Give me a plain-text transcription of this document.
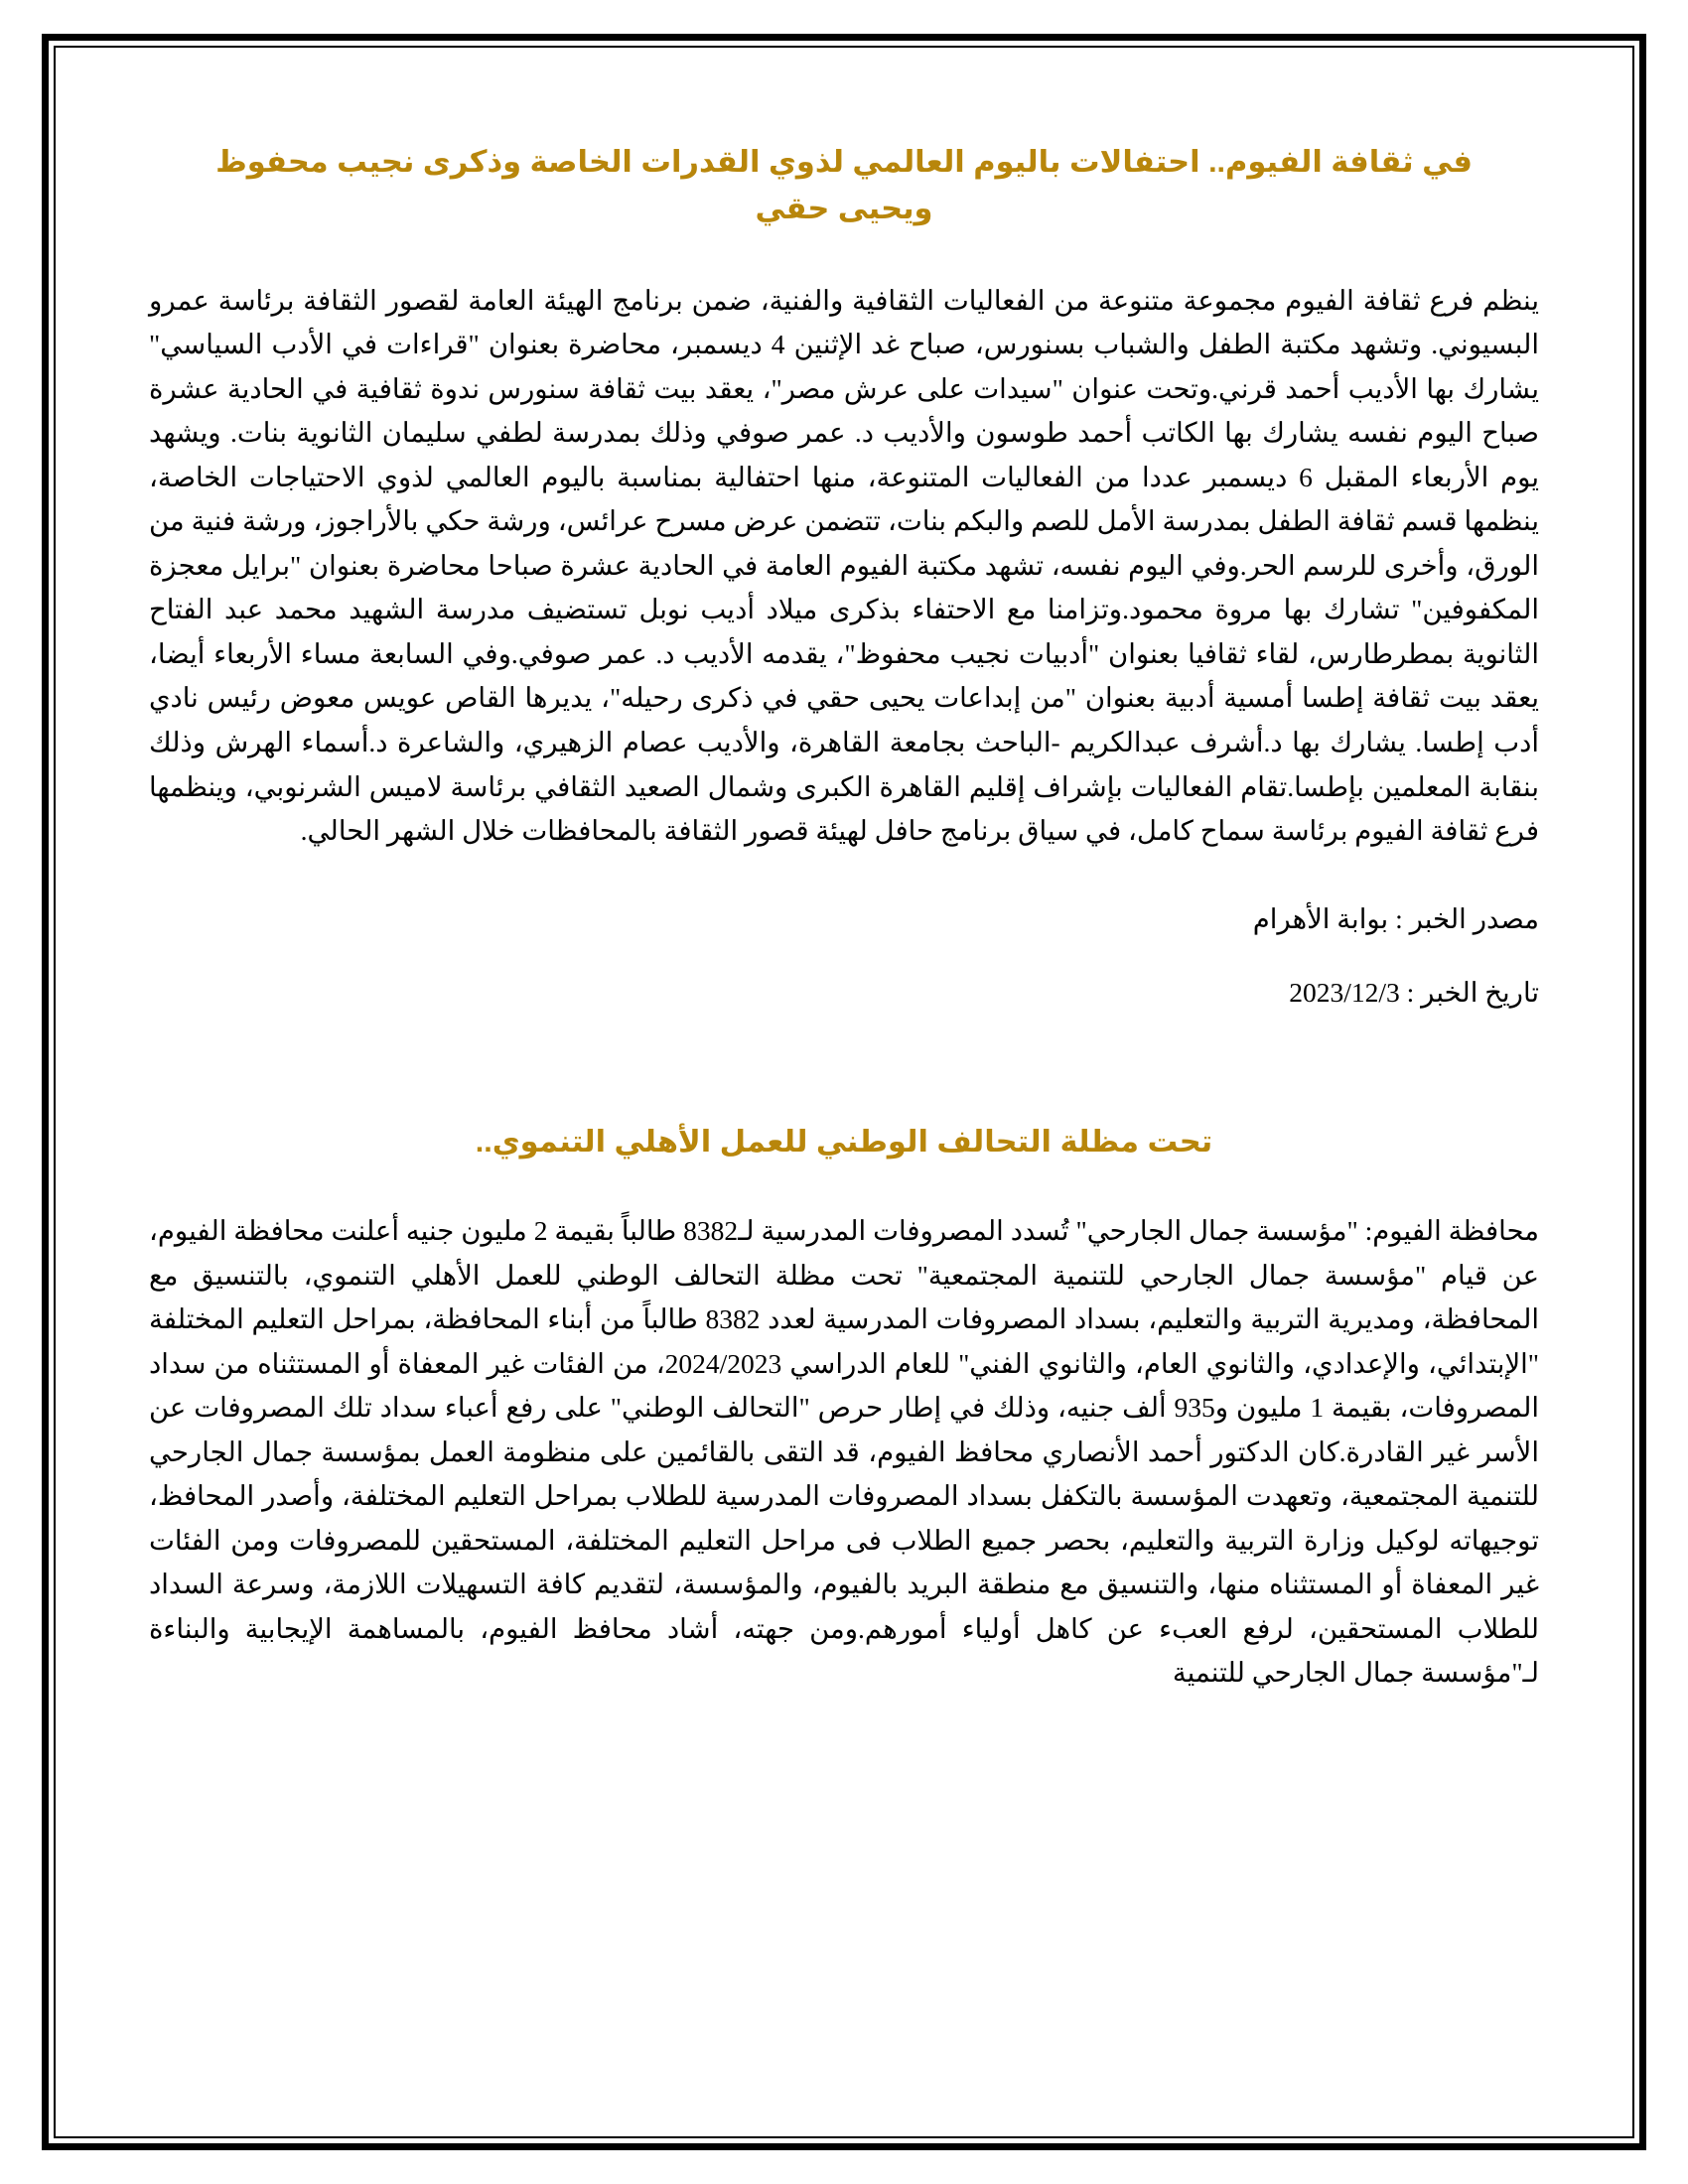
في ثقافة الفيوم.. احتفالات باليوم العالمي لذوي القدرات الخاصة وذكرى نجيب محفوظ ويحيى حقي

ينظم فرع ثقافة الفيوم مجموعة متنوعة من الفعاليات الثقافية والفنية، ضمن برنامج الهيئة العامة لقصور الثقافة برئاسة عمرو البسيوني. وتشهد مكتبة الطفل والشباب بسنورس، صباح غد الإثنين 4 ديسمبر، محاضرة بعنوان "قراءات في الأدب السياسي" يشارك بها الأديب أحمد قرني.وتحت عنوان "سيدات على عرش مصر"، يعقد بيت ثقافة سنورس ندوة ثقافية في الحادية عشرة صباح اليوم نفسه يشارك بها الكاتب أحمد طوسون والأديب د. عمر صوفي وذلك بمدرسة لطفي سليمان الثانوية بنات. ويشهد يوم الأربعاء المقبل 6 ديسمبر عددا من الفعاليات المتنوعة، منها احتفالية بمناسبة باليوم العالمي لذوي الاحتياجات الخاصة، ينظمها قسم ثقافة الطفل بمدرسة الأمل للصم والبكم بنات، تتضمن عرض مسرح عرائس، ورشة حكي بالأراجوز، ورشة فنية من الورق، وأخرى للرسم الحر.وفي اليوم نفسه، تشهد مكتبة الفيوم العامة في الحادية عشرة صباحا محاضرة بعنوان "برايل معجزة المكفوفين" تشارك بها مروة محمود.وتزامنا مع الاحتفاء بذكرى ميلاد أديب نوبل تستضيف مدرسة الشهيد محمد عبد الفتاح الثانوية بمطرطارس، لقاء ثقافيا بعنوان "أدبيات نجيب محفوظ"، يقدمه الأديب د. عمر صوفي.وفي السابعة مساء الأربعاء أيضا، يعقد بيت ثقافة إطسا أمسية أدبية بعنوان "من إبداعات يحيى حقي في ذكرى رحيله"، يديرها القاص عويس معوض رئيس نادي أدب إطسا. يشارك بها د.أشرف عبدالكريم -الباحث بجامعة القاهرة، والأديب عصام الزهيري، والشاعرة د.أسماء الهرش وذلك بنقابة المعلمين بإطسا.تقام الفعاليات بإشراف إقليم القاهرة الكبرى وشمال الصعيد الثقافي برئاسة لاميس الشرنوبي، وينظمها فرع ثقافة الفيوم برئاسة سماح كامل، في سياق برنامج حافل لهيئة قصور الثقافة بالمحافظات خلال الشهر الحالي.

مصدر الخبر : بوابة الأهرام

تاريخ الخبر : 2023/12/3

تحت مظلة التحالف الوطني للعمل الأهلي التنموي..

محافظة الفيوم: "مؤسسة جمال الجارحي" تُسدد المصروفات المدرسية لـ8382 طالباً بقيمة 2 مليون جنيه أعلنت محافظة الفيوم، عن قيام "مؤسسة جمال الجارحي للتنمية المجتمعية" تحت مظلة التحالف الوطني للعمل الأهلي التنموي، بالتنسيق مع المحافظة، ومديرية التربية والتعليم، بسداد المصروفات المدرسية لعدد 8382 طالباً من أبناء المحافظة، بمراحل التعليم المختلفة "الإبتدائي، والإعدادي، والثانوي العام، والثانوي الفني" للعام الدراسي 2024/2023، من الفئات غير المعفاة أو المستثناه من سداد المصروفات، بقيمة 1 مليون و935 ألف جنيه، وذلك في إطار حرص "التحالف الوطني" على رفع أعباء سداد تلك المصروفات عن الأسر غير القادرة.كان الدكتور أحمد الأنصاري محافظ الفيوم، قد التقى بالقائمين على منظومة العمل بمؤسسة جمال الجارحي للتنمية المجتمعية، وتعهدت المؤسسة بالتكفل بسداد المصروفات المدرسية للطلاب بمراحل التعليم المختلفة، وأصدر المحافظ، توجيهاته لوكيل وزارة التربية والتعليم، بحصر جميع الطلاب فى مراحل التعليم المختلفة، المستحقين للمصروفات ومن الفئات غير المعفاة أو المستثناه منها، والتنسيق مع منطقة البريد بالفيوم، والمؤسسة، لتقديم كافة التسهيلات اللازمة، وسرعة السداد للطلاب المستحقين، لرفع العبء عن كاهل أولياء أمورهم.ومن جهته، أشاد محافظ الفيوم، بالمساهمة الإيجابية والبناءة لـ"مؤسسة جمال الجارحي للتنمية
